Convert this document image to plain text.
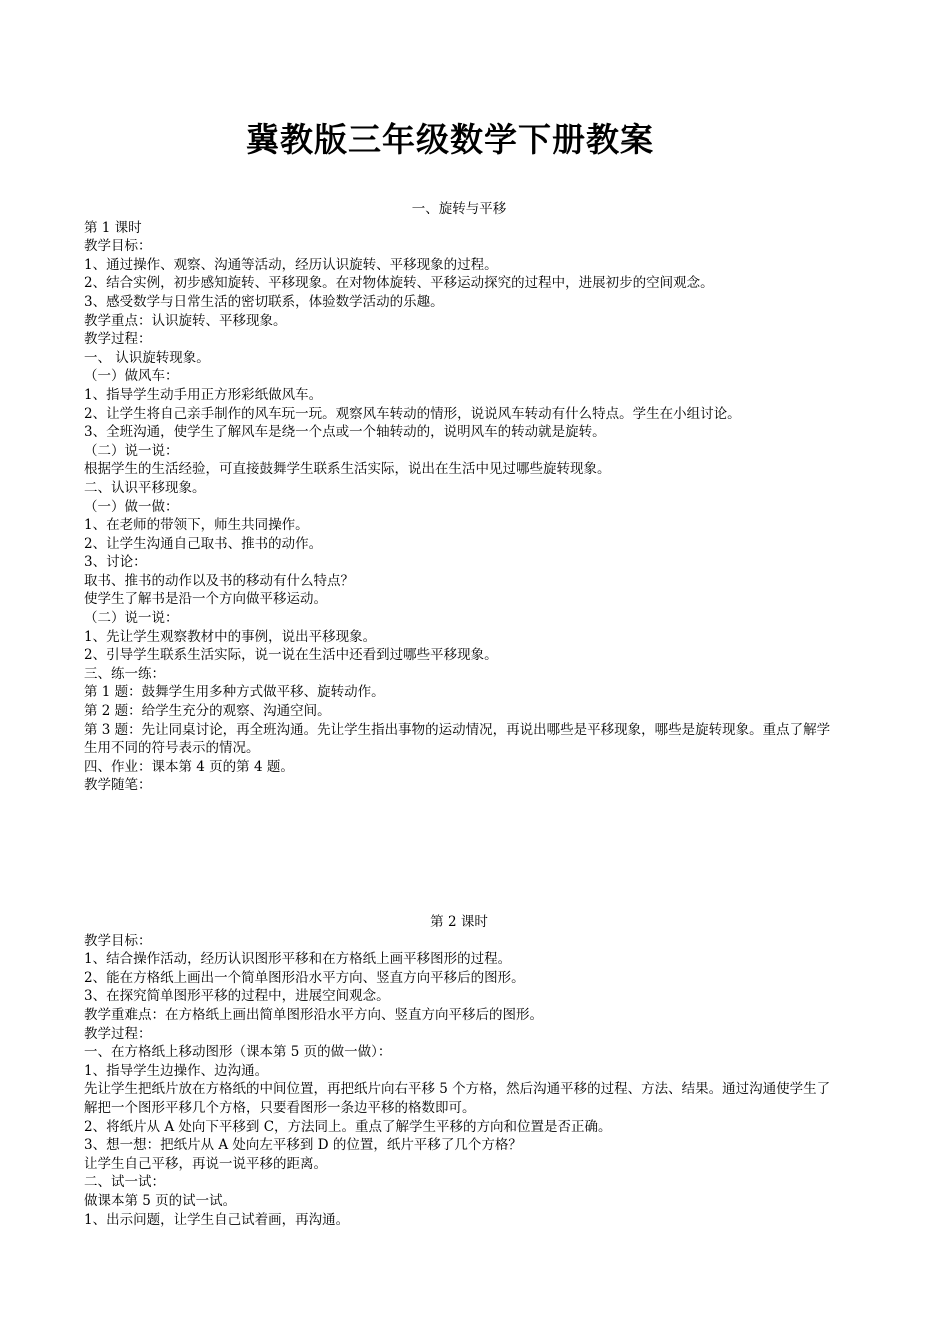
冀教版三年级数学下册教案
一、旋转与平移
第 1 课时
教学目标：
1、通过操作、观察、沟通等活动，经历认识旋转、平移现象的过程。
2、结合实例，初步感知旋转、平移现象。在对物体旋转、平移运动探究的过程中，进展初步的空间观念。
3、感受数学与日常生活的密切联系，体验数学活动的乐趣。
教学重点：认识旋转、平移现象。
教学过程：
一、 认识旋转现象。
（一）做风车：
1、指导学生动手用正方形彩纸做风车。
2、让学生将自己亲手制作的风车玩一玩。观察风车转动的情形，说说风车转动有什么特点。学生在小组讨论。
3、全班沟通，使学生了解风车是绕一个点或一个轴转动的，说明风车的转动就是旋转。
（二）说一说：
根据学生的生活经验，可直接鼓舞学生联系生活实际，说出在生活中见过哪些旋转现象。
二、认识平移现象。
（一）做一做：
1、在老师的带领下，师生共同操作。
2、让学生沟通自己取书、推书的动作。
3、讨论：
取书、推书的动作以及书的移动有什么特点？
使学生了解书是沿一个方向做平移运动。
（二）说一说：
1、先让学生观察教材中的事例，说出平移现象。
2、引导学生联系生活实际，说一说在生活中还看到过哪些平移现象。
三、练一练：
第 1 题：鼓舞学生用多种方式做平移、旋转动作。
第 2 题：给学生充分的观察、沟通空间。
第 3 题：先让同桌讨论，再全班沟通。先让学生指出事物的运动情况，再说出哪些是平移现象，哪些是旋转现象。重点了解学生用不同的符号表示的情况。
四、作业：课本第 4 页的第 4 题。
教学随笔：
第 2 课时
教学目标：
1、结合操作活动，经历认识图形平移和在方格纸上画平移图形的过程。
2、能在方格纸上画出一个简单图形沿水平方向、竖直方向平移后的图形。
3、在探究简单图形平移的过程中，进展空间观念。
教学重难点：在方格纸上画出简单图形沿水平方向、竖直方向平移后的图形。
教学过程：
一、在方格纸上移动图形（课本第 5 页的做一做）：
1、指导学生边操作、边沟通。
先让学生把纸片放在方格纸的中间位置，再把纸片向右平移 5 个方格，然后沟通平移的过程、方法、结果。通过沟通使学生了解把一个图形平移几个方格，只要看图形一条边平移的格数即可。
2、将纸片从 A 处向下平移到 C，方法同上。重点了解学生平移的方向和位置是否正确。
3、想一想：把纸片从 A 处向左平移到 D 的位置，纸片平移了几个方格？
让学生自己平移，再说一说平移的距离。
二、试一试：
做课本第 5 页的试一试。
1、出示问题，让学生自己试着画，再沟通。
